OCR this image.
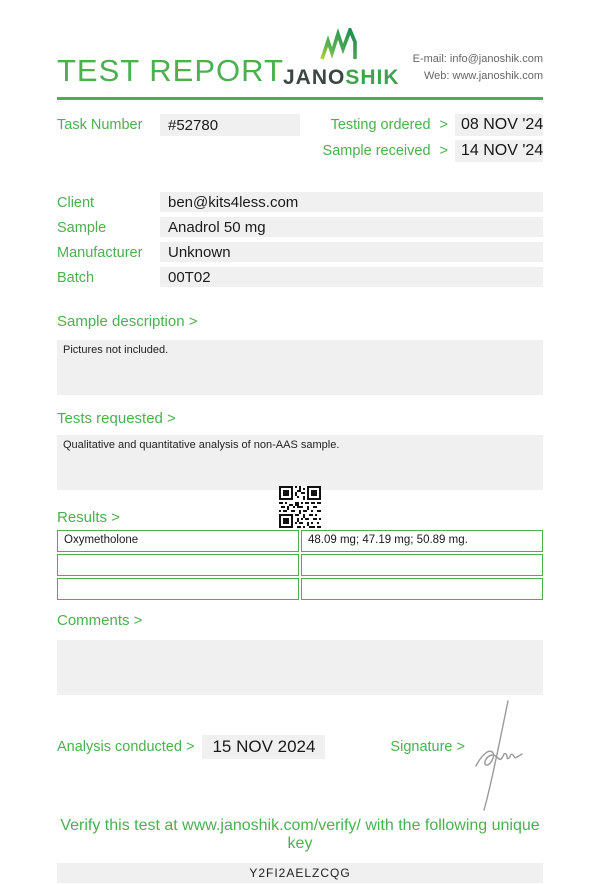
TEST REPORT JANOSHIK
E-mail: info@janoshik.com
Web: www.janoshik.com
Task Number	#52780	Testing ordered > 08 NOV '24
Sample received > 14 NOV '24
Client	ben@kits4less.com
Sample	Anadrol 50 mg
Manufacturer	Unknown
Batch	00T02
Sample description >
Pictures not included.
Tests requested >
Qualitative and quantitative analysis of non-AAS sample.
Results >
Oxymetholone	48.09 mg; 47.19 mg; 50.89 mg.
Comments >
Analysis conducted >	15 NOV 2024	Signature >
Verify this test at www.janoshik.com/verify/ with the following unique key
Y2FI2AELZCQG
